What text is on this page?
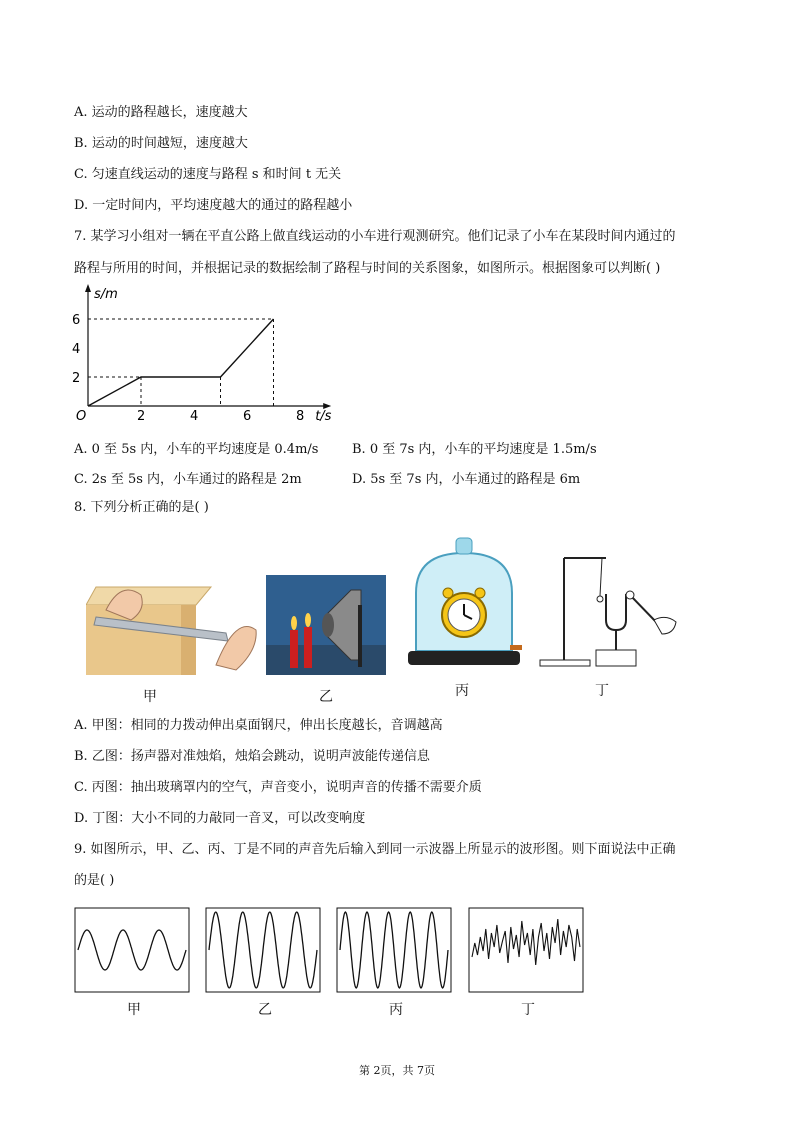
A. 运动的路程越长，速度越大
B. 运动的时间越短，速度越大
C. 匀速直线运动的速度与路程 s 和时间 t 无关
D. 一定时间内，平均速度越大的通过的路程越小
7. 某学习小组对一辆在平直公路上做直线运动的小车进行观测研究。他们记录了小车在某段时间内通过的
路程与所用的时间，并根据记录的数据绘制了路程与时间的关系图象，如图所示。根据图象可以判断( )
s/m
t/s
O	2	4	6	8
2
4
6
A. 0 至 5s 内，小车的平均速度是 0.4m/s	B. 0 至 7s 内，小车的平均速度是 1.5m/s
C. 2s 至 5s 内，小车通过的路程是 2m	D. 5s 至 7s 内，小车通过的路程是 6m
8. 下列分析正确的是( )
甲	乙	丙	丁
A. 甲图：相同的力拨动伸出桌面钢尺，伸出长度越长，音调越高
B. 乙图：扬声器对准烛焰，烛焰会跳动，说明声波能传递信息
C. 丙图：抽出玻璃罩内的空气，声音变小，说明声音的传播不需要介质
D. 丁图：大小不同的力敲同一音叉，可以改变响度
9. 如图所示，甲、乙、丙、丁是不同的声音先后输入到同一示波器上所显示的波形图。则下面说法中正确
的是( )
甲	乙	丙	丁
第 2页，共 7页
